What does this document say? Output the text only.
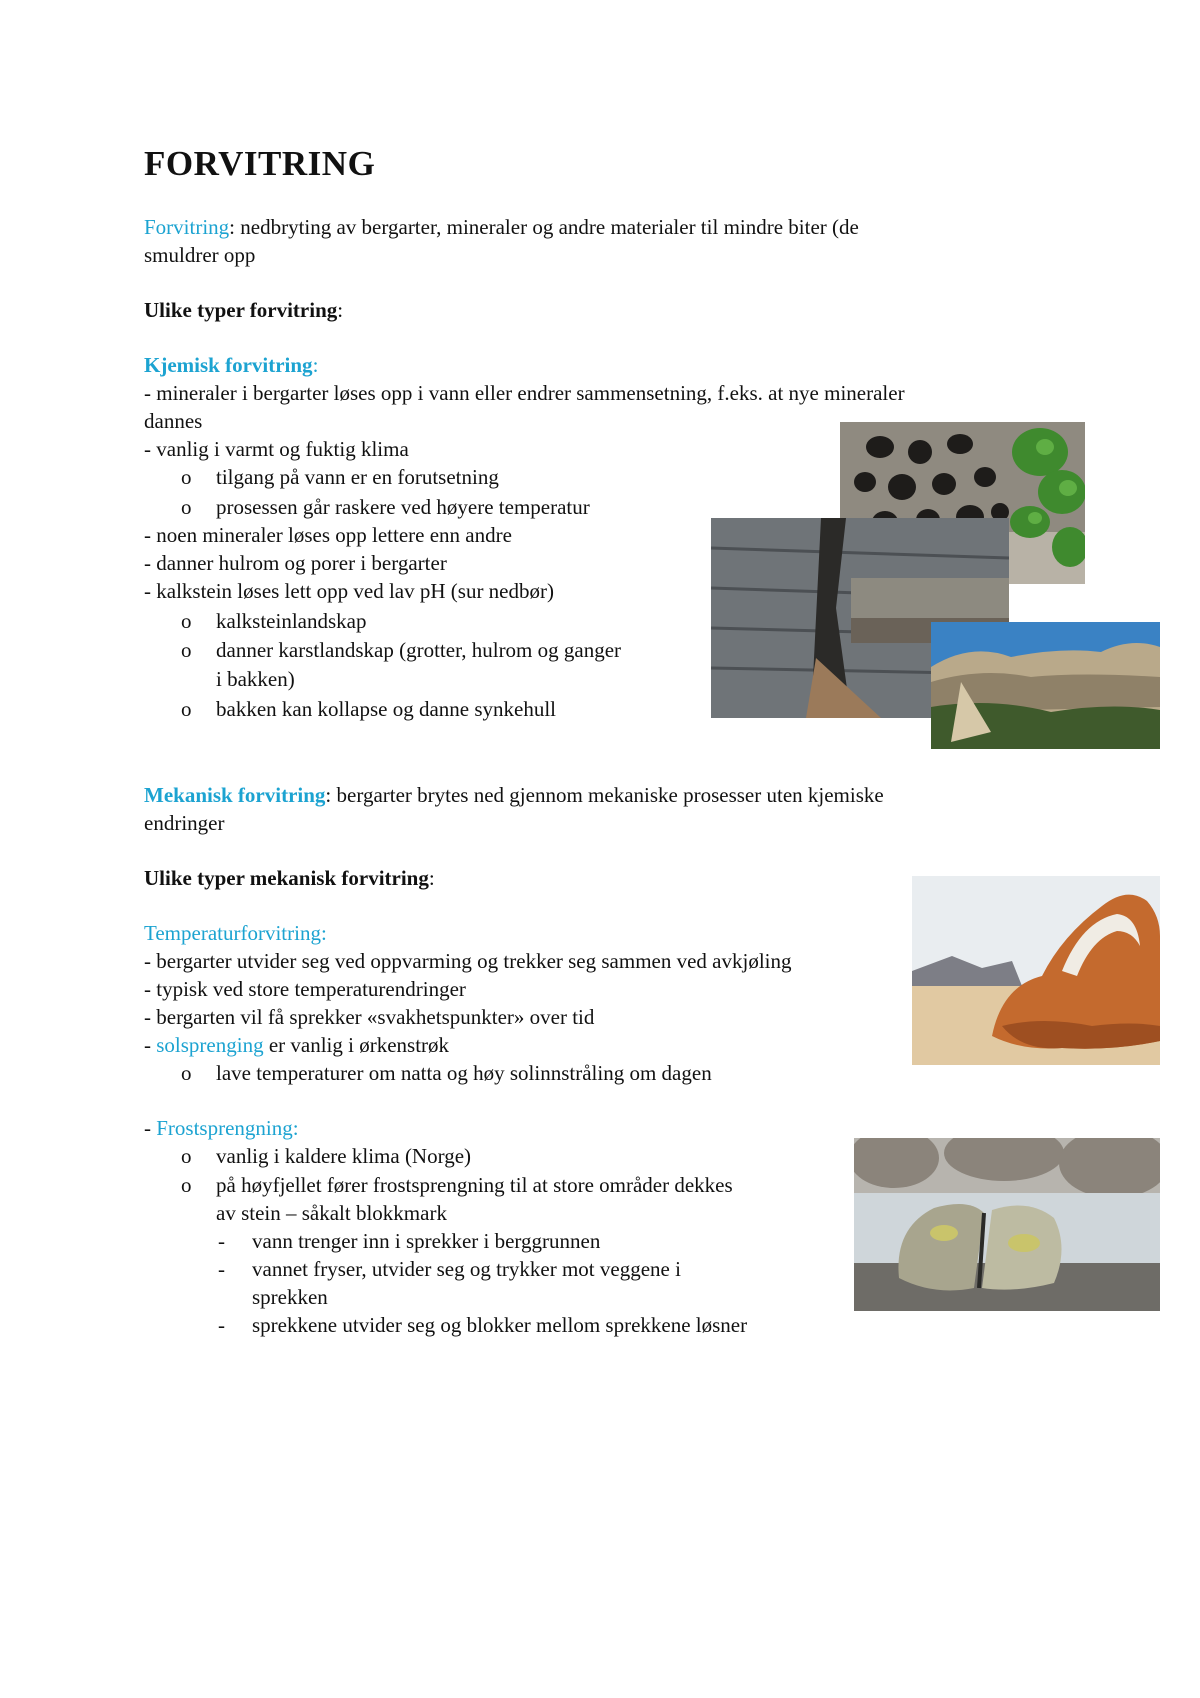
FORVITRING
Forvitring: nedbryting av bergarter, mineraler og andre materialer til mindre biter (de
smuldrer opp
Ulike typer forvitring:
Kjemisk forvitring:
- mineraler i bergarter løses opp i vann eller endrer sammensetning, f.eks. at nye mineraler
dannes
- vanlig i varmt og fuktig klima
o tilgang på vann er en forutsetning
o prosessen går raskere ved høyere temperatur
- noen mineraler løses opp lettere enn andre
- danner hulrom og porer i bergarter
- kalkstein løses lett opp ved lav pH (sur nedbør)
o kalksteinlandskap
o danner karstlandskap (grotter, hulrom og ganger
i bakken)
o bakken kan kollapse og danne synkehull
Mekanisk forvitring: bergarter brytes ned gjennom mekaniske prosesser uten kjemiske
endringer
Ulike typer mekanisk forvitring:
Temperaturforvitring:
- bergarter utvider seg ved oppvarming og trekker seg sammen ved avkjøling
- typisk ved store temperaturendringer
- bergarten vil få sprekker «svakhetspunkter» over tid
- solsprenging er vanlig i ørkenstrøk
o lave temperaturer om natta og høy solinnstråling om dagen
- Frostsprengning:
o vanlig i kaldere klima (Norge)
o på høyfjellet fører frostsprengning til at store områder dekkes
av stein – såkalt blokkmark
- vann trenger inn i sprekker i berggrunnen
- vannet fryser, utvider seg og trykker mot veggene i
sprekken
- sprekkene utvider seg og blokker mellom sprekkene løsner
